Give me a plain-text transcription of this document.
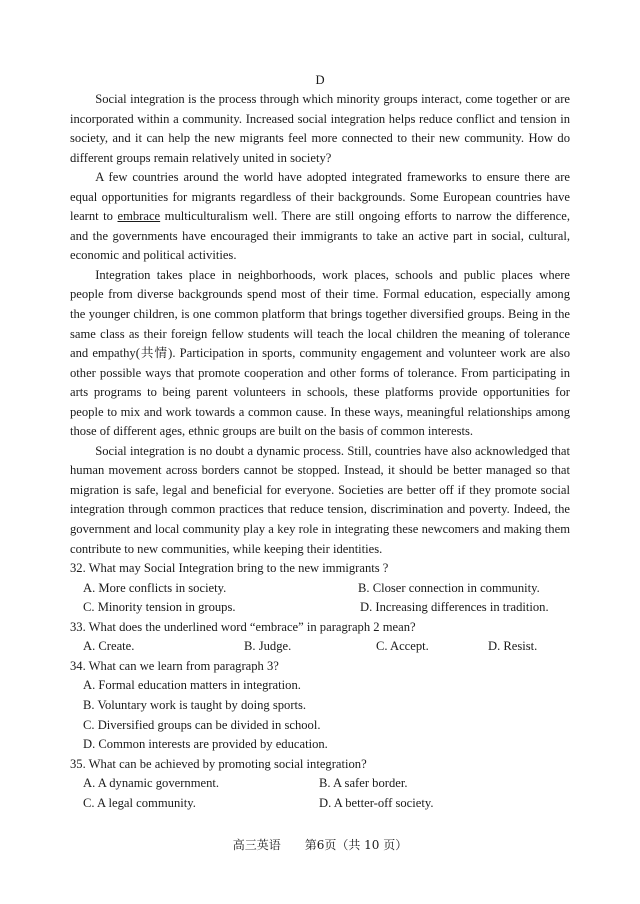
D

Social integration is the process through which minority groups interact, come together or are incorporated within a community. Increased social integration helps reduce conflict and tension in society, and it can help the new migrants feel more connected to their new community. How do different groups remain relatively united in society?

A few countries around the world have adopted integrated frameworks to ensure there are equal opportunities for migrants regardless of their backgrounds. Some European countries have learnt to embrace multiculturalism well. There are still ongoing efforts to narrow the difference, and the governments have encouraged their immigrants to take an active part in social, cultural, economic and political activities.

Integration takes place in neighborhoods, work places, schools and public places where people from diverse backgrounds spend most of their time. Formal education, especially among the younger children, is one common platform that brings together diversified groups. Being in the same class as their foreign fellow students will teach the local children the meaning of tolerance and empathy(共情). Participation in sports, community engagement and volunteer work are also other possible ways that promote cooperation and other forms of tolerance. From participating in arts programs to being parent volunteers in schools, these platforms provide opportunities for people to mix and work towards a common cause. In these ways, meaningful relationships among those of different ages, ethnic groups are built on the basis of common interests.

Social integration is no doubt a dynamic process. Still, countries have also acknowledged that human movement across borders cannot be stopped. Instead, it should be better managed so that migration is safe, legal and beneficial for everyone. Societies are better off if they promote social integration through common practices that reduce tension, discrimination and poverty. Indeed, the government and local community play a key role in integrating these newcomers and making them contribute to new communities, while keeping their identities.

32. What may Social Integration bring to the new immigrants ?

A. More conflicts in society.	B. Closer connection in community.
C. Minority tension in groups.	D. Increasing differences in tradition.

33. What does the underlined word “embrace” in paragraph 2 mean?

A. Create.	B. Judge.	C. Accept.	D. Resist.

34. What can we learn from paragraph 3?

A. Formal education matters in integration.
B. Voluntary work is taught by doing sports.
C. Diversified groups can be divided in school.
D. Common interests are provided by education.

35. What can be achieved by promoting social integration?

A. A dynamic government.	B. A safer border.
C. A legal community.	D. A better-off society.
高三英语　　第6页（共 10 页）
